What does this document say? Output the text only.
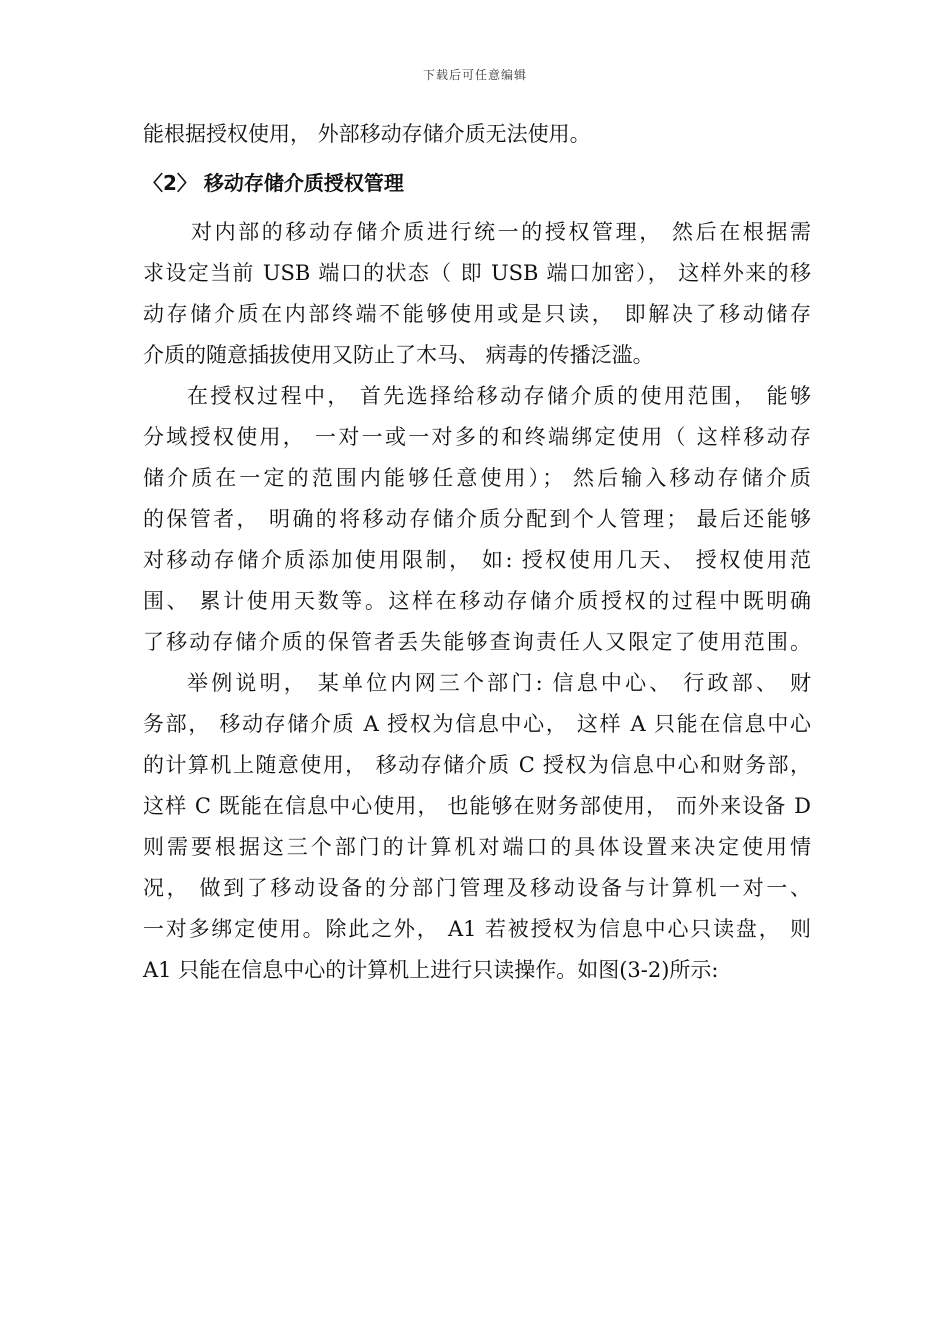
下载后可任意编辑
能根据授权使用， 外部移动存储介质无法使用。
〈2〉 移动存储介质授权管理
对内部的移动存储介质进行统一的授权管理， 然后在根据需
求设定当前 USB 端口的状态（ 即 USB 端口加密）， 这样外来的移
动存储介质在内部终端不能够使用或是只读， 即解决了移动储存
介质的随意插拔使用又防止了木马、 病毒的传播泛滥。
在授权过程中， 首先选择给移动存储介质的使用范围， 能够
分域授权使用， 一对一或一对多的和终端绑定使用（ 这样移动存
储介质在一定的范围内能够任意使用）； 然后输入移动存储介质
的保管者， 明确的将移动存储介质分配到个人管理； 最后还能够
对移动存储介质添加使用限制， 如: 授权使用几天、 授权使用范
围、 累计使用天数等。这样在移动存储介质授权的过程中既明确
了移动存储介质的保管者丢失能够查询责任人又限定了使用范围。
举例说明， 某单位内网三个部门: 信息中心、 行政部、 财
务部， 移动存储介质 A 授权为信息中心， 这样 A 只能在信息中心
的计算机上随意使用， 移动存储介质 C 授权为信息中心和财务部，
这样 C 既能在信息中心使用， 也能够在财务部使用， 而外来设备 D
则需要根据这三个部门的计算机对端口的具体设置来决定使用情
况， 做到了移动设备的分部门管理及移动设备与计算机一对一、
一对多绑定使用。除此之外， A1 若被授权为信息中心只读盘， 则
A1 只能在信息中心的计算机上进行只读操作。如图(3-2)所示:
